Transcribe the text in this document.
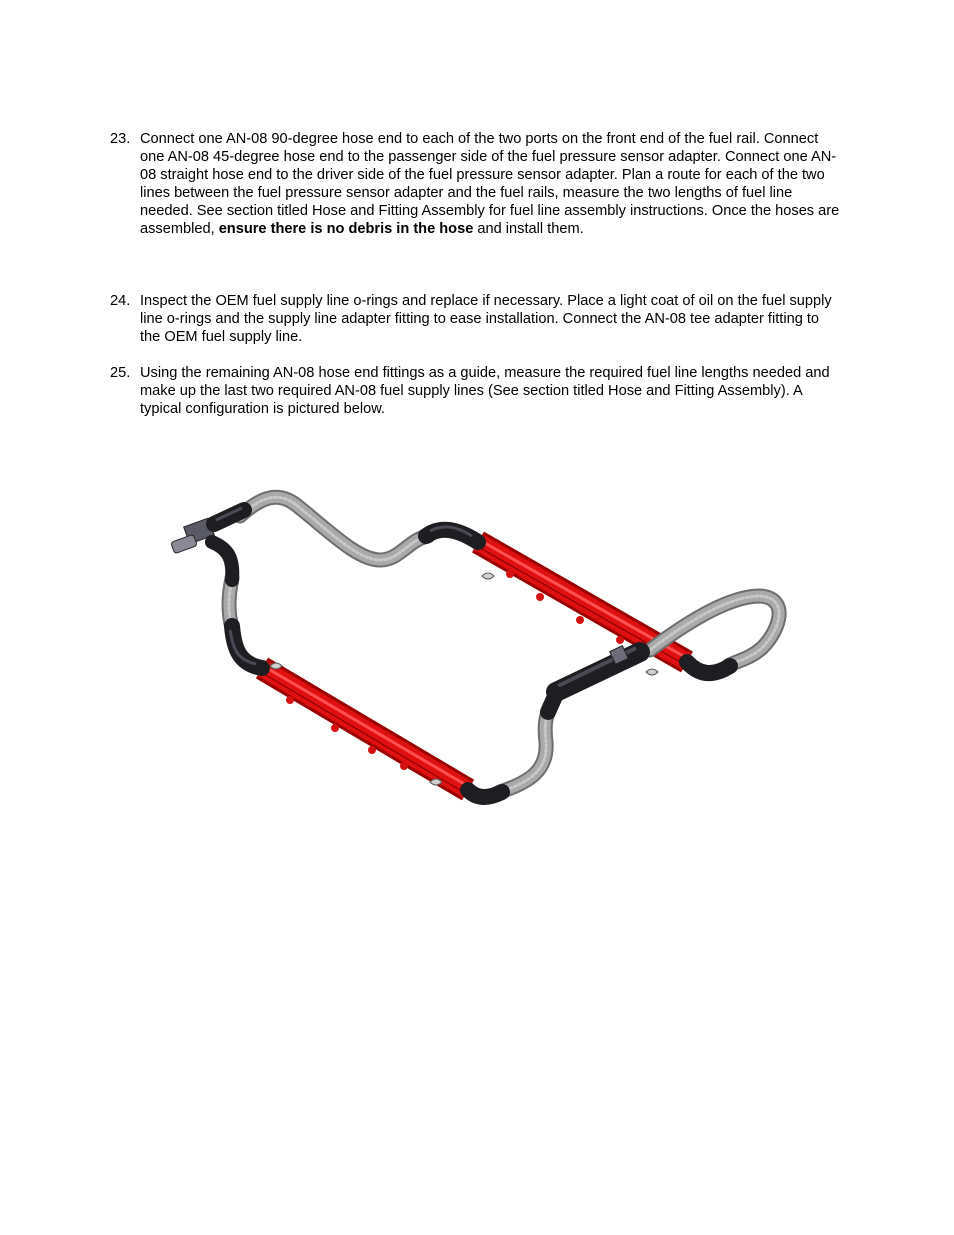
23. Connect one AN-08 90-degree hose end to each of the two ports on the front end of the fuel rail. Connect one AN-08 45-degree hose end to the passenger side of the fuel pressure sensor adapter. Connect one AN-08 straight hose end to the driver side of the fuel pressure sensor adapter. Plan a route for each of the two lines between the fuel pressure sensor adapter and the fuel rails, measure the two lengths of fuel line needed. See section titled Hose and Fitting Assembly for fuel line assembly instructions. Once the hoses are assembled, ensure there is no debris in the hose and install them.
24. Inspect the OEM fuel supply line o-rings and replace if necessary. Place a light coat of oil on the fuel supply line o-rings and the supply line adapter fitting to ease installation. Connect the AN-08 tee adapter fitting to the OEM fuel supply line.
25. Using the remaining AN-08 hose end fittings as a guide, measure the required fuel line lengths needed and make up the last two required AN-08 fuel supply lines (See section titled Hose and Fitting Assembly). A typical configuration is pictured below.
